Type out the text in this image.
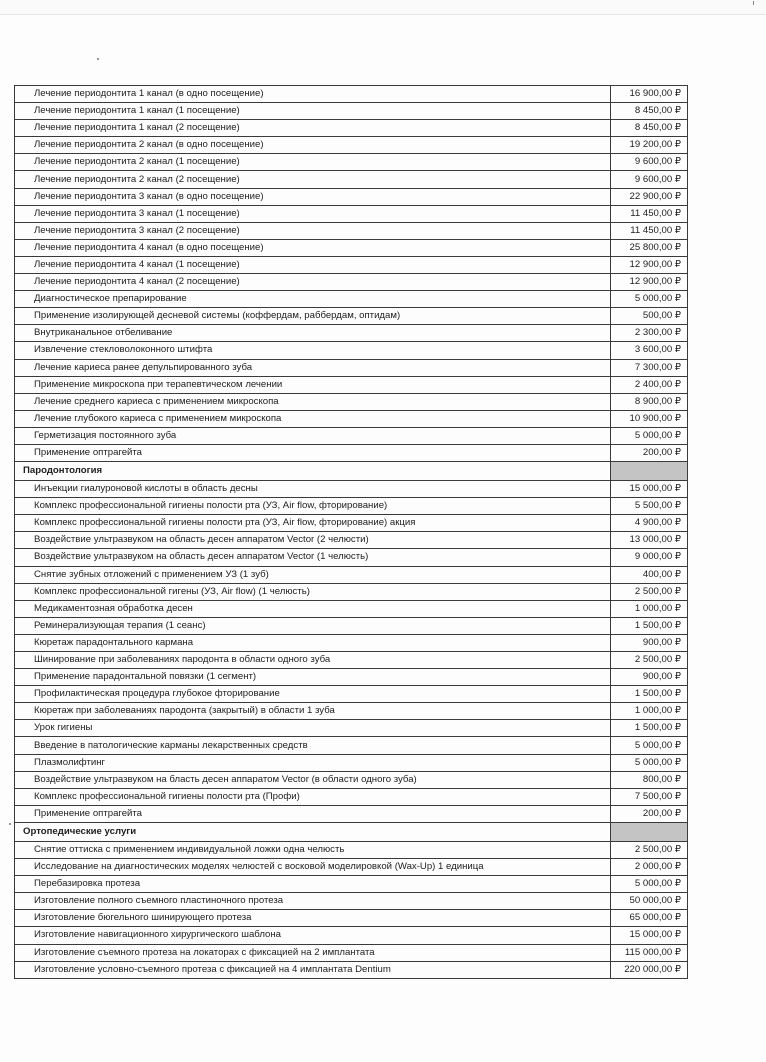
Лечение периодонтита 1 канал (в одно посещение)	16 900,00 ₽
Лечение периодонтита 1 канал (1 посещение)	8 450,00 ₽
Лечение периодонтита 1 канал (2 посещение)	8 450,00 ₽
Лечение периодонтита 2 канал (в одно посещение)	19 200,00 ₽
Лечение периодонтита 2 канал (1 посещение)	9 600,00 ₽
Лечение периодонтита 2 канал (2 посещение)	9 600,00 ₽
Лечение периодонтита 3 канал (в одно посещение)	22 900,00 ₽
Лечение периодонтита 3 канал (1 посещение)	11 450,00 ₽
Лечение периодонтита 3 канал (2 посещение)	11 450,00 ₽
Лечение периодонтита 4 канал (в одно посещение)	25 800,00 ₽
Лечение периодонтита 4 канал (1 посещение)	12 900,00 ₽
Лечение периодонтита 4 канал (2 посещение)	12 900,00 ₽
Диагностическое препарирование	5 000,00 ₽
Применение изолирующей десневой системы (коффердам, раббердам, оптидам)	500,00 ₽
Внутриканальное отбеливание	2 300,00 ₽
Извлечение стекловолоконного штифта	3 600,00 ₽
Лечение кариеса ранее депульпированного зуба	7 300,00 ₽
Применение микроскопа при терапевтическом лечении	2 400,00 ₽
Лечение среднего кариеса с применением микроскопа	8 900,00 ₽
Лечение глубокого кариеса с применением микроскопа	10 900,00 ₽
Герметизация постоянного зуба	5 000,00 ₽
Применение оптрагейта	200,00 ₽
Пародонтология	
Инъекции гиалуроновой кислоты в область десны	15 000,00 ₽
Комплекс профессиональной гигиены полости рта (УЗ, Air flow, фторирование)	5 500,00 ₽
Комплекс профессиональной гигиены полости рта (УЗ, Air flow, фторирование) акция	4 900,00 ₽
Воздействие ультразвуком на область десен аппаратом Vector (2 челюсти)	13 000,00 ₽
Воздействие ультразвуком на область десен аппаратом Vector (1 челюсть)	9 000,00 ₽
Снятие зубных отложений с применением УЗ (1 зуб)	400,00 ₽
Комплекс профессиональной гигены (УЗ, Air flow) (1 челюсть)	2 500,00 ₽
Медикаментозная обработка десен	1 000,00 ₽
Реминерализующая терапия (1 сеанс)	1 500,00 ₽
Кюретаж парадонтального кармана	900,00 ₽
Шинирование при заболеваниях пародонта в области одного зуба	2 500,00 ₽
Применение парадонтальной повязки (1 сегмент)	900,00 ₽
Профилактическая процедура глубокое фторирование	1 500,00 ₽
Кюретаж при заболеваниях пародонта (закрытый) в области 1 зуба	1 000,00 ₽
Урок гигиены	1 500,00 ₽
Введение в патологические карманы лекарственных средств	5 000,00 ₽
Плазмолифтинг	5 000,00 ₽
Воздействие ультразвуком на бласть десен аппаратом Vector (в области одного зуба)	800,00 ₽
Комплекс профессиональной гигиены полости рта (Профи)	7 500,00 ₽
Применение оптрагейта	200,00 ₽
Ортопедические услуги	
Снятие оттиска с применением индивидуальной ложки одна челюсть	2 500,00 ₽
Исследование на диагностических моделях челюстей с восковой моделировкой (Wax-Up) 1 единица	2 000,00 ₽
Перебазировка протеза	5 000,00 ₽
Изготовление полного съемного пластиночного протеза	50 000,00 ₽
Изготовление бюгельного шинирующего протеза	65 000,00 ₽
Изготовление навигационного хирургического шаблона	15 000,00 ₽
Изготовление съемного протеза на локаторах с фиксацией на 2 имплантата	115 000,00 ₽
Изготовление условно-съемного протеза с фиксацией на 4 имплантата Dentium	220 000,00 ₽
